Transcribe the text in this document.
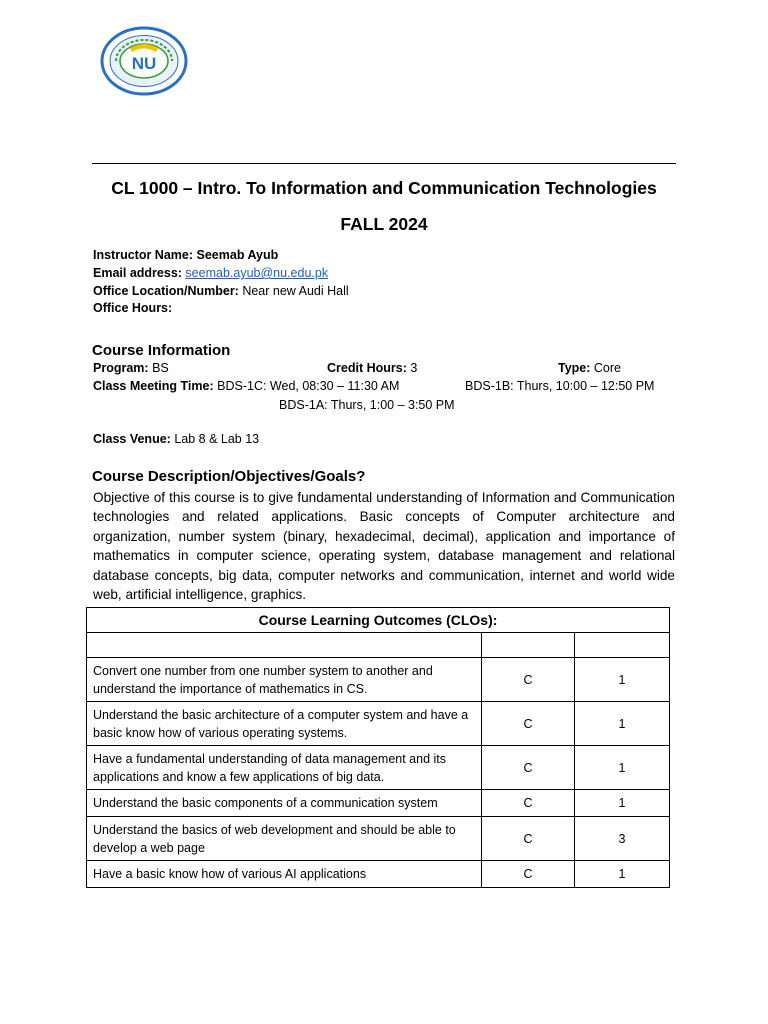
NU
CL 1000 – Intro. To Information and Communication Technologies
FALL 2024
Instructor Name: Seemab Ayub
Email address: seemab.ayub@nu.edu.pk
Office Location/Number: Near new Audi Hall
Office Hours:
Course Information
Program: BS	Credit Hours: 3	Type: Core
Class Meeting Time: BDS-1C: Wed, 08:30 – 11:30 AM	BDS-1B: Thurs, 10:00 – 12:50 PM
BDS-1A: Thurs, 1:00 – 3:50 PM
Class Venue: Lab 8 & Lab 13
Course Description/Objectives/Goals?
Objective of this course is to give fundamental understanding of Information and Communication technologies and related applications. Basic concepts of Computer architecture and organization, number system (binary, hexadecimal, decimal), application and importance of mathematics in computer science, operating system, database management and relational database concepts, big data, computer networks and communication, internet and world wide web, artificial intelligence, graphics.
Course Learning Outcomes (CLOs):		

Convert one number from one number system to another and understand the importance of mathematics in CS.	C	1
Understand the basic architecture of a computer system and have a basic know how of various operating systems.	C	1
Have a fundamental understanding of data management and its applications and know a few applications of big data.	C	1
Understand the basic components of a communication system	C	1
Understand the basics of web development and should be able to develop a web page	C	3
Have a basic know how of various AI applications	C	1
